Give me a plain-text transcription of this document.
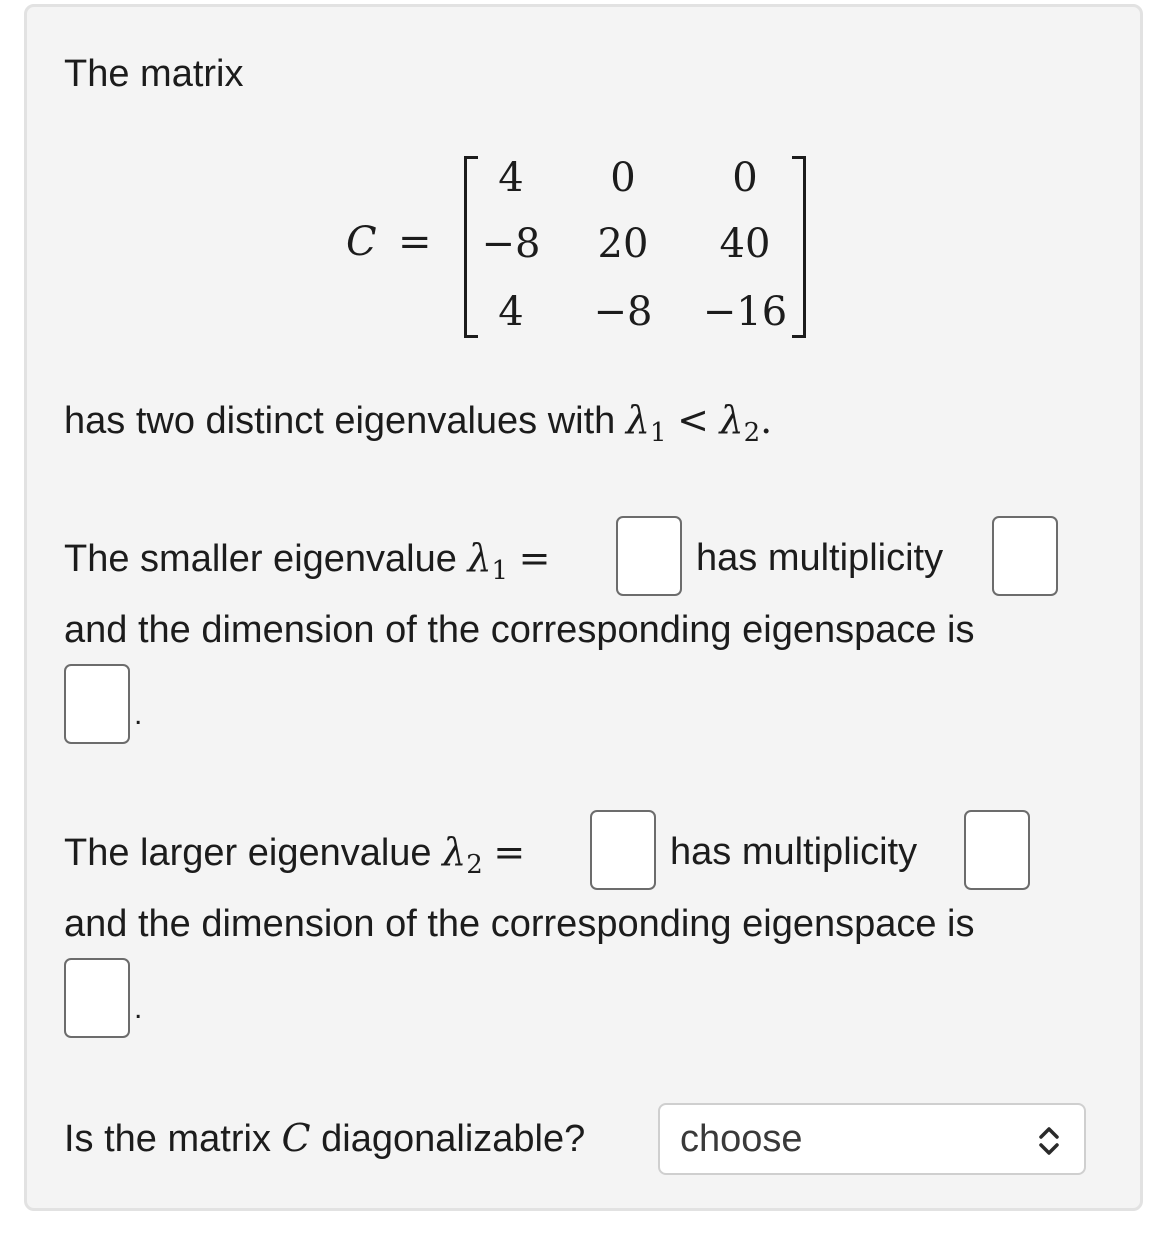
The matrix
C =
4	0	0
−8	20	40
4	−8	−16
has two distinct eigenvalues with $\lambda_1 < \lambda_2$.
The smaller eigenvalue $\lambda_1$ =	has multiplicity
and the dimension of the corresponding eigenspace is
.
The larger eigenvalue $\lambda_2$ =	has multiplicity
and the dimension of the corresponding eigenspace is
.
Is the matrix C diagonalizable? choose
